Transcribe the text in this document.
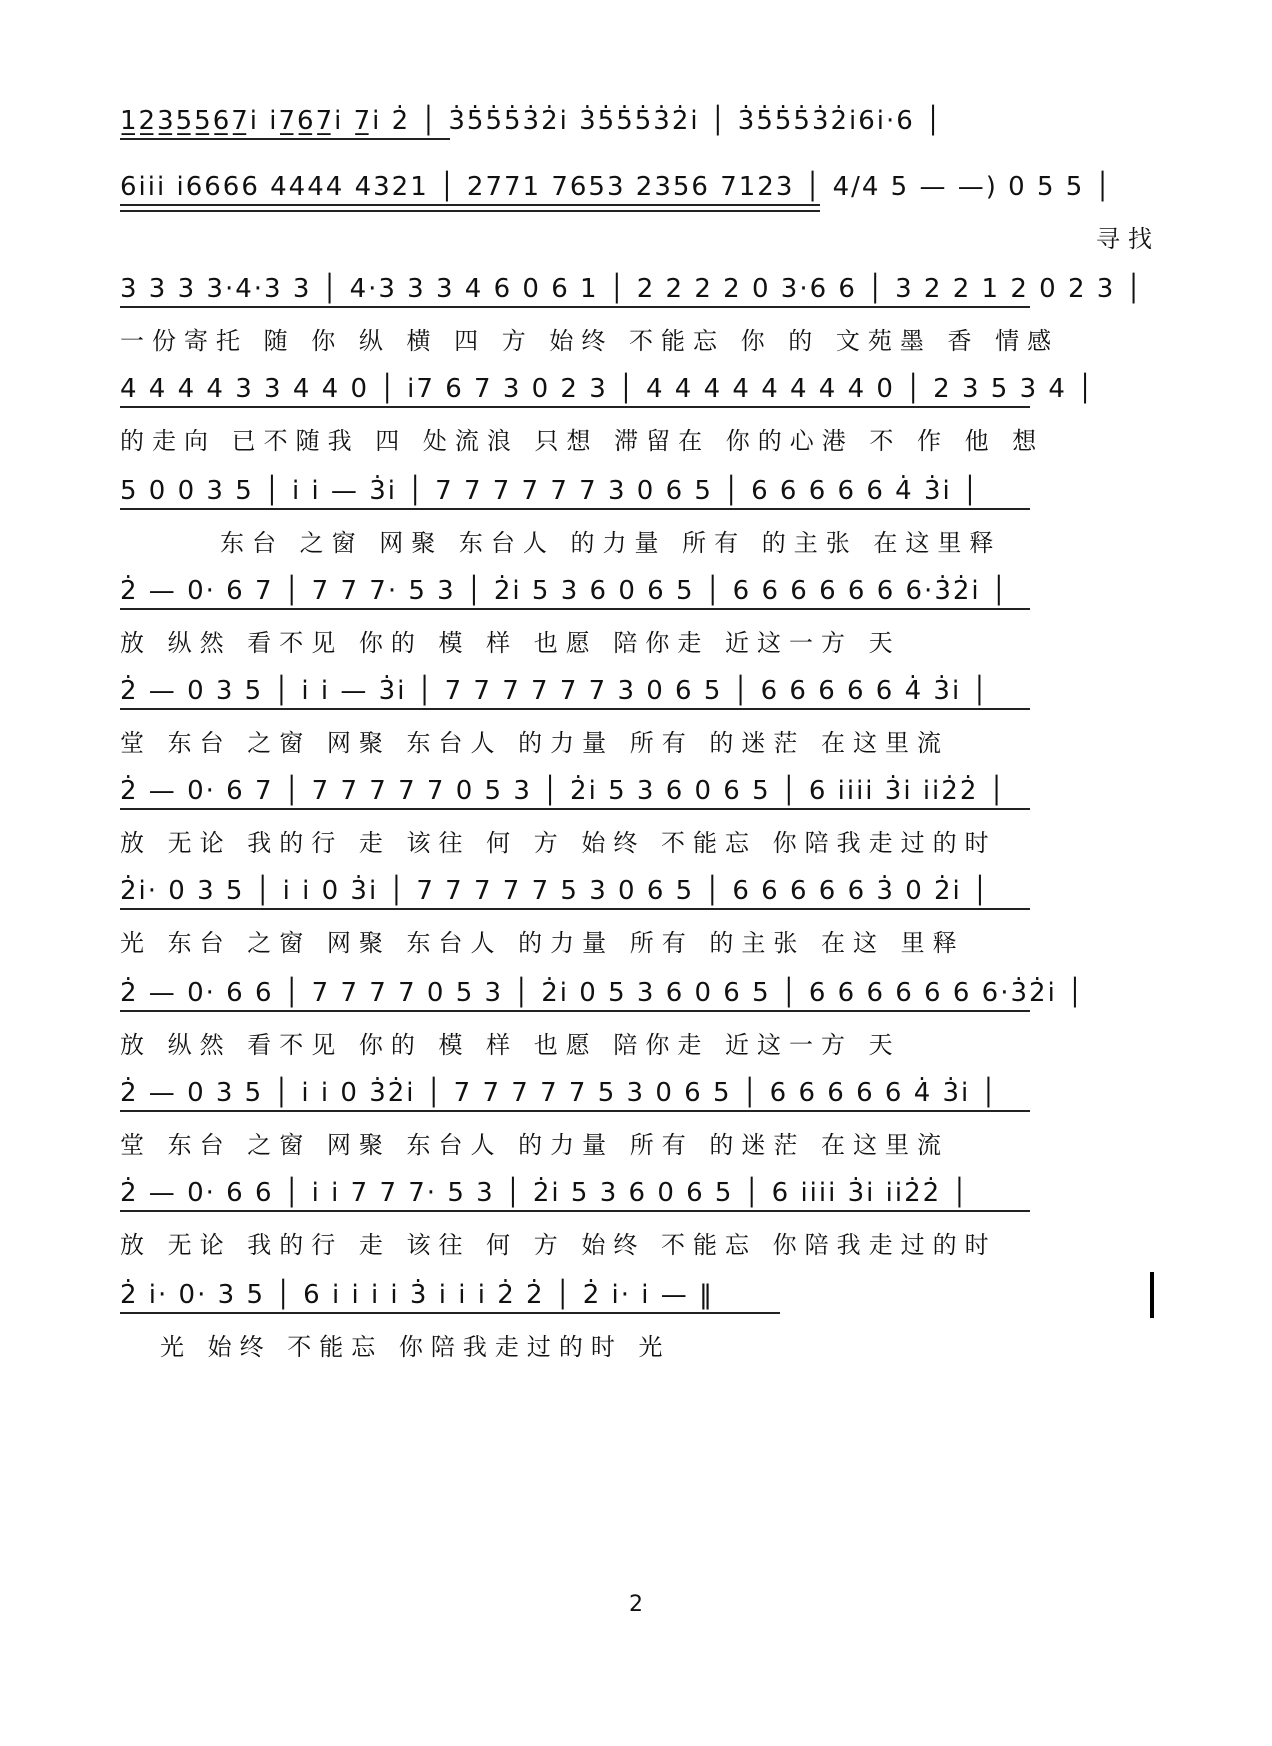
1̲2̲3̲5̲5̲6̲7̲i̇ i̇7̲6̲7̲i̇ 7̲i̇ 2̇ │ 3̇5̇5̇5̇3̇2̇i̇ 3̇5̇5̇5̇3̇2̇i̇ │ 3̇5̇5̇5̇3̇2̇i̇6i̇·6 │
6i̇i̇i̇ i̇6666 4444 4321 │ 2771 7653 2356 7123 │ 4/4 5 — —) 0 5 5 │
寻找
3 3 3 3·4·3 3 │ 4·3 3 3 4 6 0 6 1 │ 2 2 2 2 0 3·6 6 │ 3 2 2 1 2 0 2 3 │
一份寄托 随 你 纵 横 四 方 始终 不能忘 你 的 文苑墨 香 情感
4 4 4 4 3 3 4 4 0 │ i̇7 6 7 3 0 2 3 │ 4 4 4 4 4 4 4 4 0 │ 2 3 5 3 4 │
的走向 已不随我 四 处流浪 只想 滞留在 你的心港 不 作 他 想
5 0 0 3 5 │ i̇ i̇ — 3̇i̇ │ 7 7 7 7 7 7 3 0 6 5 │ 6 6 6 6 6 4̇ 3̇i̇ │
东台 之窗 网聚 东台人 的力量 所有 的主张 在这里释
2̇ — 0· 6 7 │ 7 7 7· 5 3 │ 2̇i̇ 5 3 6 0 6 5 │ 6 6 6 6 6 6 6·3̇2̇i̇ │
放 纵然 看不见 你的 模 样 也愿 陪你走 近这一方 天
2̇ — 0 3 5 │ i̇ i̇ — 3̇i̇ │ 7 7 7 7 7 7 3 0 6 5 │ 6 6 6 6 6 4̇ 3̇i̇ │
堂 东台 之窗 网聚 东台人 的力量 所有 的迷茫 在这里流
2̇ — 0· 6 7 │ 7 7 7 7 7 0 5 3 │ 2̇i̇ 5 3 6 0 6 5 │ 6 i̇i̇i̇i̇ 3̇i̇ i̇i̇2̇2̇ │
放 无论 我的行 走 该往 何 方 始终 不能忘 你陪我走过的时
2̇i̇· 0 3 5 │ i̇ i̇ 0 3̇i̇ │ 7 7 7 7 7 5 3 0 6 5 │ 6 6 6 6 6 3̇ 0 2̇i̇ │
光 东台 之窗 网聚 东台人 的力量 所有 的主张 在这 里释
2̇ — 0· 6 6 │ 7 7 7 7 0 5 3 │ 2̇i̇ 0 5 3 6 0 6 5 │ 6 6 6 6 6 6 6·3̇2̇i̇ │
放 纵然 看不见 你的 模 样 也愿 陪你走 近这一方 天
2̇ — 0 3 5 │ i̇ i̇ 0 3̇2̇i̇ │ 7 7 7 7 7 5 3 0 6 5 │ 6 6 6 6 6 4̇ 3̇i̇ │
堂 东台 之窗 网聚 东台人 的力量 所有 的迷茫 在这里流
2̇ — 0· 6 6 │ i̇ i̇ 7 7 7· 5 3 │ 2̇i̇ 5 3 6 0 6 5 │ 6 i̇i̇i̇i̇ 3̇i̇ i̇i̇2̇2̇ │
放 无论 我的行 走 该往 何 方 始终 不能忘 你陪我走过的时
2̇ i̇· 0· 3 5 │ 6 i̇ i̇ i̇ i̇ 3̇ i̇ i̇ i̇ 2̇ 2̇ │ 2̇ i̇· i̇ — ‖
光 始终 不能忘 你陪我走过的时 光
2
